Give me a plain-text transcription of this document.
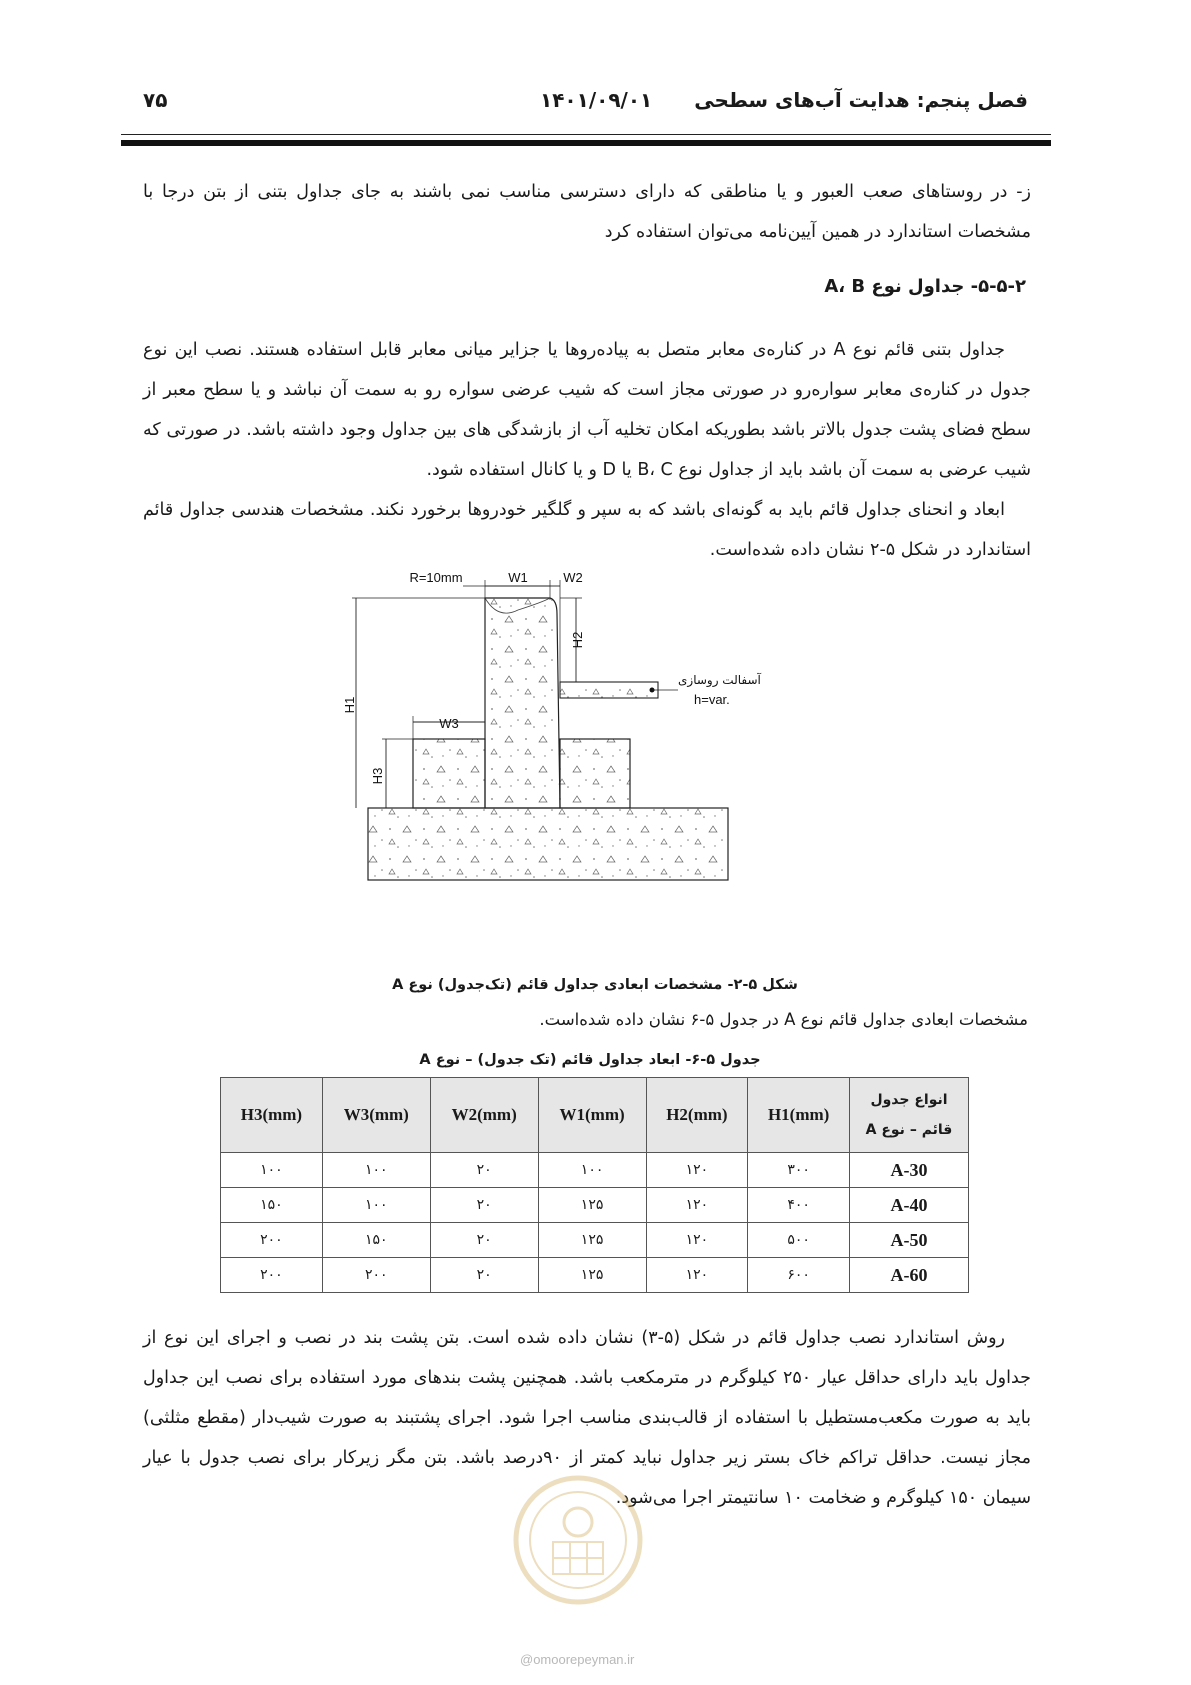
فصل پنجم: هدایت آب‌های سطحی
۱۴۰۱/۰۹/۰۱
۷۵
ز- در روستاهای صعب العبور و یا مناطقی که دارای دسترسی مناسب نمی باشند به جای جداول بتنی از بتن درجا با مشخصات استاندارد در همین آیین‌نامه می‌توان استفاده کرد
۵-۵-۲- جداول نوع A، B
جداول بتنی قائم نوع A در کناره‌ی معابر متصل به پیاده‌روها یا جزایر میانی معابر قابل استفاده هستند. نصب این نوع جدول در کناره‌ی معابر سواره‌رو در صورتی مجاز است که شیب عرضی سواره رو به سمت آن نباشد و یا سطح معبر از سطح فضای پشت جدول بالاتر باشد بطوریکه امکان تخلیه آب از بازشدگی های بین جداول وجود داشته باشد. در صورتی که شیب عرضی به سمت آن باشد باید از جداول نوع B، C یا D و یا کانال استفاده شود.
ابعاد و انحنای جداول قائم باید به گونه‌ای باشد که به سپر و گلگیر خودروها برخورد نکند. مشخصات هندسی جداول قائم استاندارد در شکل ۵-۲ نشان داده شده‌است.
H1
H3
W3
W1	W2
R=10mm
H2
آسفالت روسازی
h=var.
شکل ۵-۲- مشخصات ابعادی جداول قائم (تک‌جدول) نوع A
مشخصات ابعادی جداول قائم نوع A در جدول ۵-۶ نشان داده شده‌است.
جدول ۵-۶- ابعاد جداول قائم (تک جدول) – نوع A
انواع جدول
قائم – نوع A	H1(mm)	H2(mm)	W1(mm)	W2(mm)	W3(mm)	H3(mm)
A-30	۳۰۰	۱۲۰	۱۰۰	۲۰	۱۰۰	۱۰۰
A-40	۴۰۰	۱۲۰	۱۲۵	۲۰	۱۰۰	۱۵۰
A-50	۵۰۰	۱۲۰	۱۲۵	۲۰	۱۵۰	۲۰۰
A-60	۶۰۰	۱۲۰	۱۲۵	۲۰	۲۰۰	۲۰۰
روش استاندارد نصب جداول قائم در شکل (۵-۳) نشان داده شده است. بتن پشت بند در نصب و اجرای این نوع از جداول باید دارای حداقل عیار ۲۵۰ کیلوگرم در مترمکعب باشد. همچنین پشت بندهای مورد استفاده برای نصب این جداول باید به صورت مکعب‌مستطیل با استفاده از قالب‌بندی مناسب اجرا شود. اجرای پشتبند به صورت شیب‌دار (مقطع مثلثی) مجاز نیست. حداقل تراکم خاک بستر زیر جداول نباید کمتر از ۹۰درصد باشد. بتن مگر زیرکار برای نصب جدول با عیار سیمان ۱۵۰ کیلوگرم و ضخامت ۱۰ سانتیمتر اجرا می‌شود.
@omoorepeyman.ir
